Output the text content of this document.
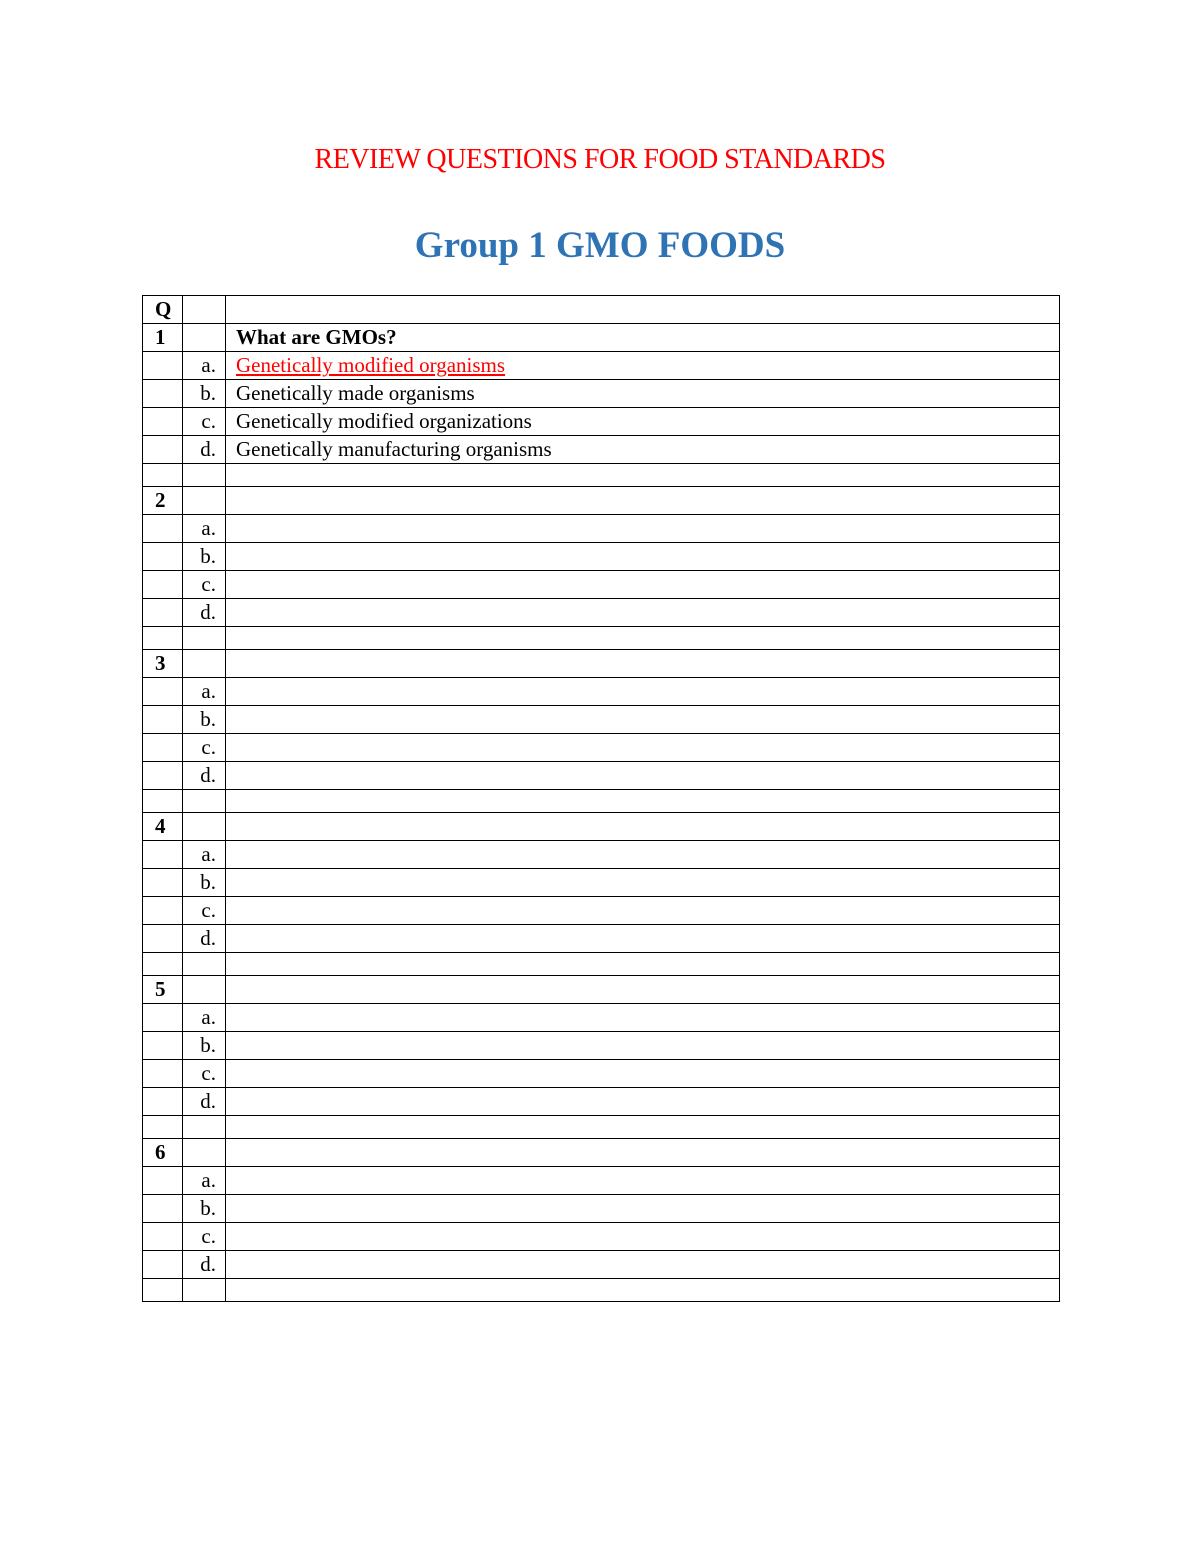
REVIEW QUESTIONS FOR FOOD STANDARDS
Group 1 GMO FOODS
Q		
1		What are GMOs?
	a.	Genetically modified organisms
	b.	Genetically made organisms
	c.	Genetically modified organizations
	d.	Genetically manufacturing organisms

2		
	a.	
	b.	
	c.	
	d.	

3		
	a.	
	b.	
	c.	
	d.	

4		
	a.	
	b.	
	c.	
	d.	

5		
	a.	
	b.	
	c.	
	d.	

6		
	a.	
	b.	
	c.	
	d.	
